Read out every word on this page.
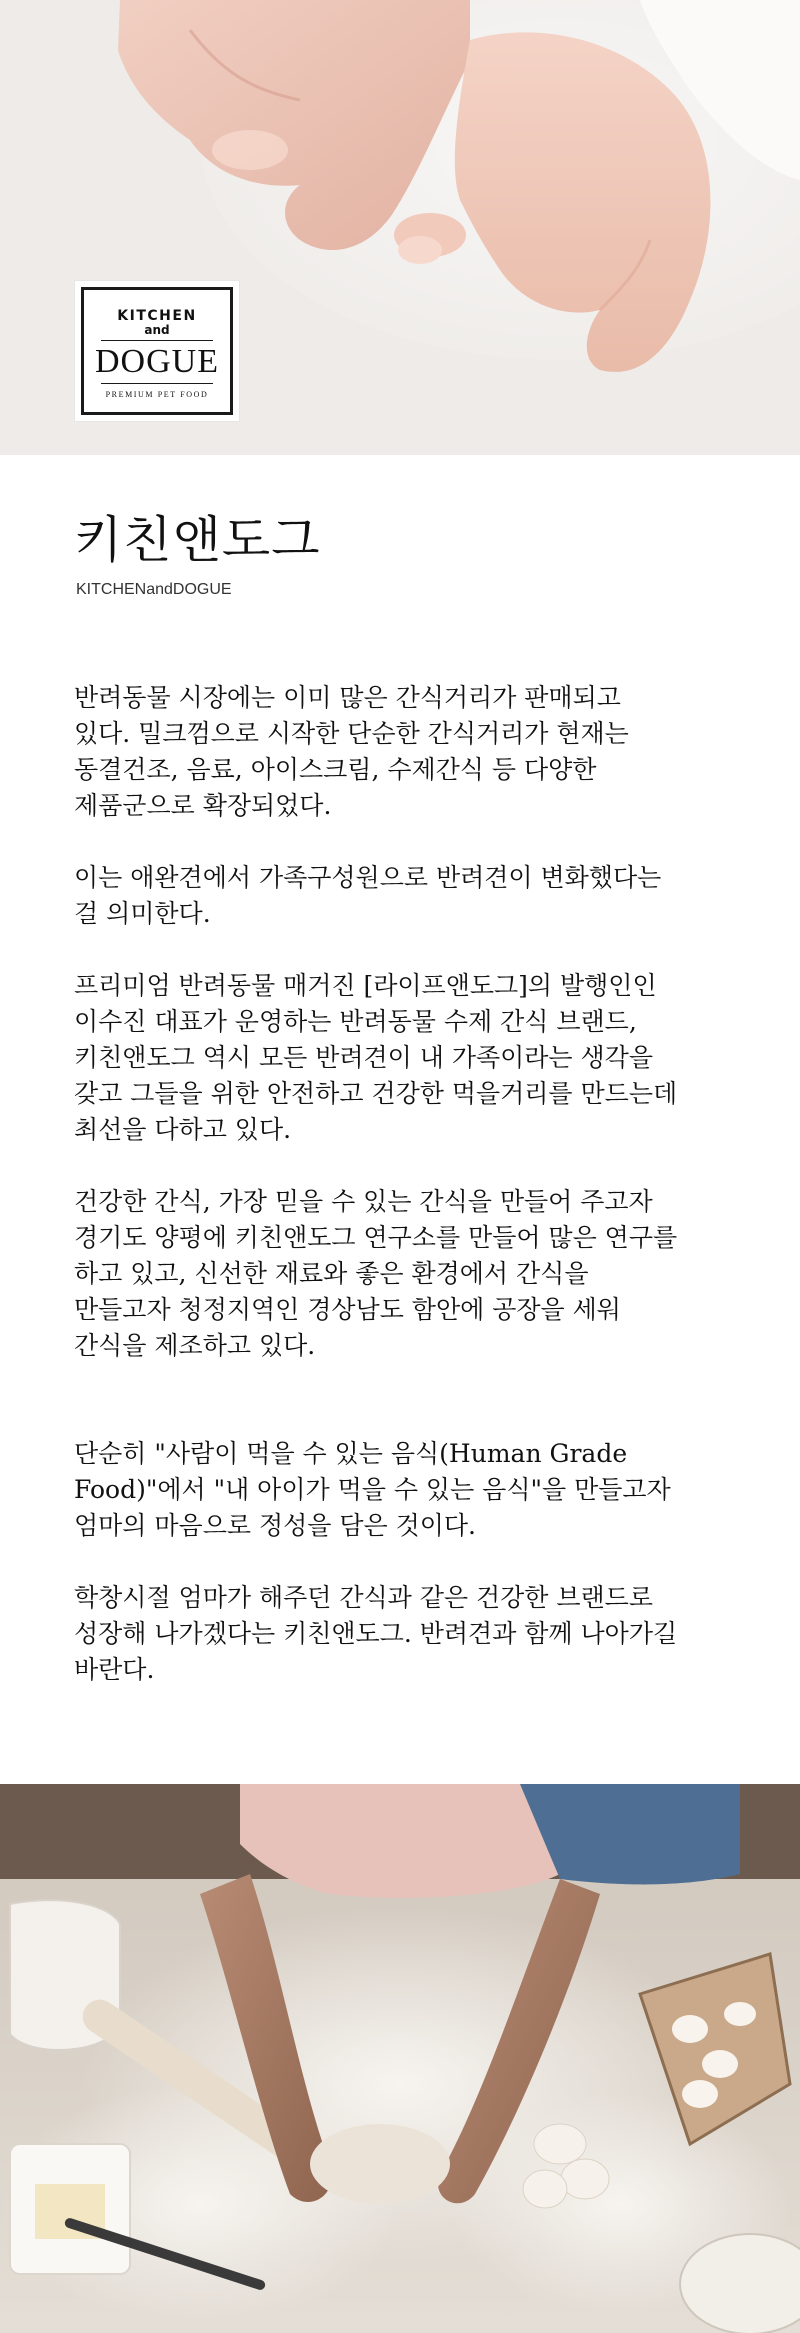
KITCHEN
and
DOGUE
PREMIUM PET FOOD
키친앤도그
KITCHENandDOGUE
반려동물 시장에는 이미 많은 간식거리가 판매되고
있다. 밀크껌으로 시작한 단순한 간식거리가 현재는
동결건조, 음료, 아이스크림, 수제간식 등 다양한
제품군으로 확장되었다.
이는 애완견에서 가족구성원으로 반려견이 변화했다는
걸 의미한다.
프리미엄 반려동물 매거진 [라이프앤도그]의 발행인인
이수진 대표가 운영하는 반려동물 수제 간식 브랜드,
키친앤도그 역시 모든 반려견이 내 가족이라는 생각을
갖고 그들을 위한 안전하고 건강한 먹을거리를 만드는데
최선을 다하고 있다.
건강한 간식, 가장 믿을 수 있는 간식을 만들어 주고자
경기도 양평에 키친앤도그 연구소를 만들어 많은 연구를
하고 있고, 신선한 재료와 좋은 환경에서 간식을
만들고자 청정지역인 경상남도 함안에 공장을 세워
간식을 제조하고 있다.
단순히 "사람이 먹을 수 있는 음식(Human Grade
Food)"에서 "내 아이가 먹을 수 있는 음식"을 만들고자
엄마의 마음으로 정성을 담은 것이다.
학창시절 엄마가 해주던 간식과 같은 건강한 브랜드로
성장해 나가겠다는 키친앤도그. 반려견과 함께 나아가길
바란다.
